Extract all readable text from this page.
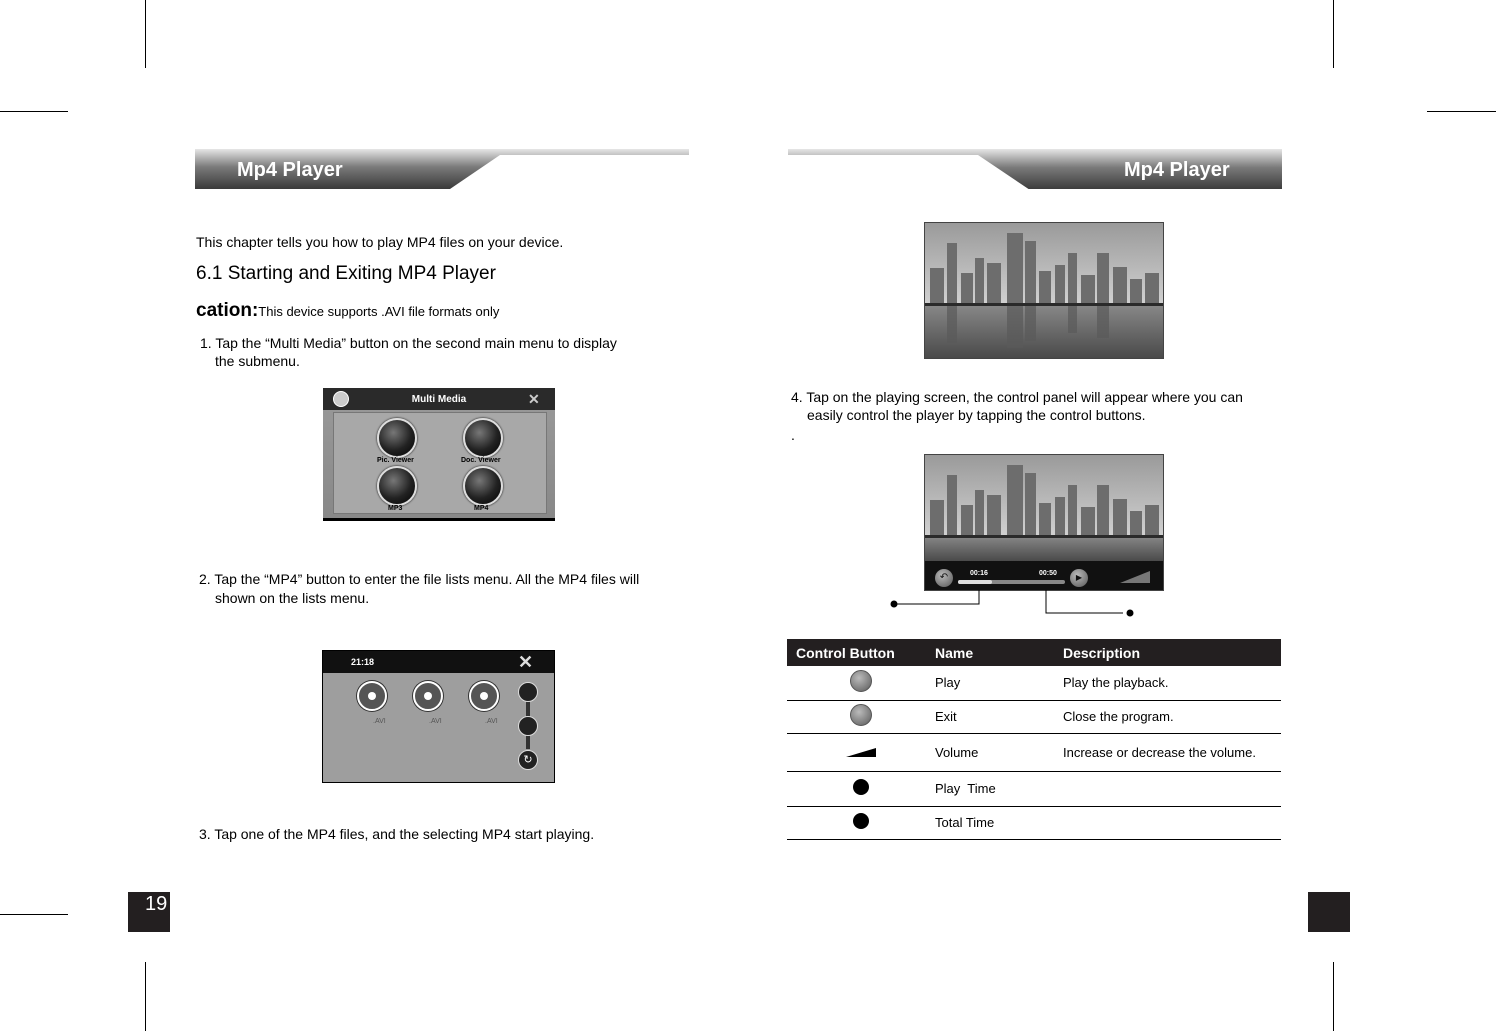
Mp4 Player
This chapter tells you how to play MP4 files on your device.
6.1 Starting and Exiting MP4 Player
cation:This device supports .AVI file formats only
1. Tap the “Multi Media” button on the second main menu to display
the submenu.
Multi Media	✕
Pic. Viewer	Doc. Viewer
MP3	MP4
2. Tap the “MP4” button to enter the file lists menu. All the MP4 files will
shown on the lists menu.
21:18	✕
.AVI	.AVI	.AVI
↻
3. Tap one of the MP4 files, and the selecting MP4 start playing.
19
Mp4 Player
4. Tap on the playing screen, the control panel will appear where you can
easily control the player by tapping the control buttons.
.
↶	00:16	00:50	▶
Control Button	Name	Description
	Play	Play the playback.
	Exit	Close the program.
	Volume	Increase or decrease the volume.
	Play  Time	
	Total Time	
